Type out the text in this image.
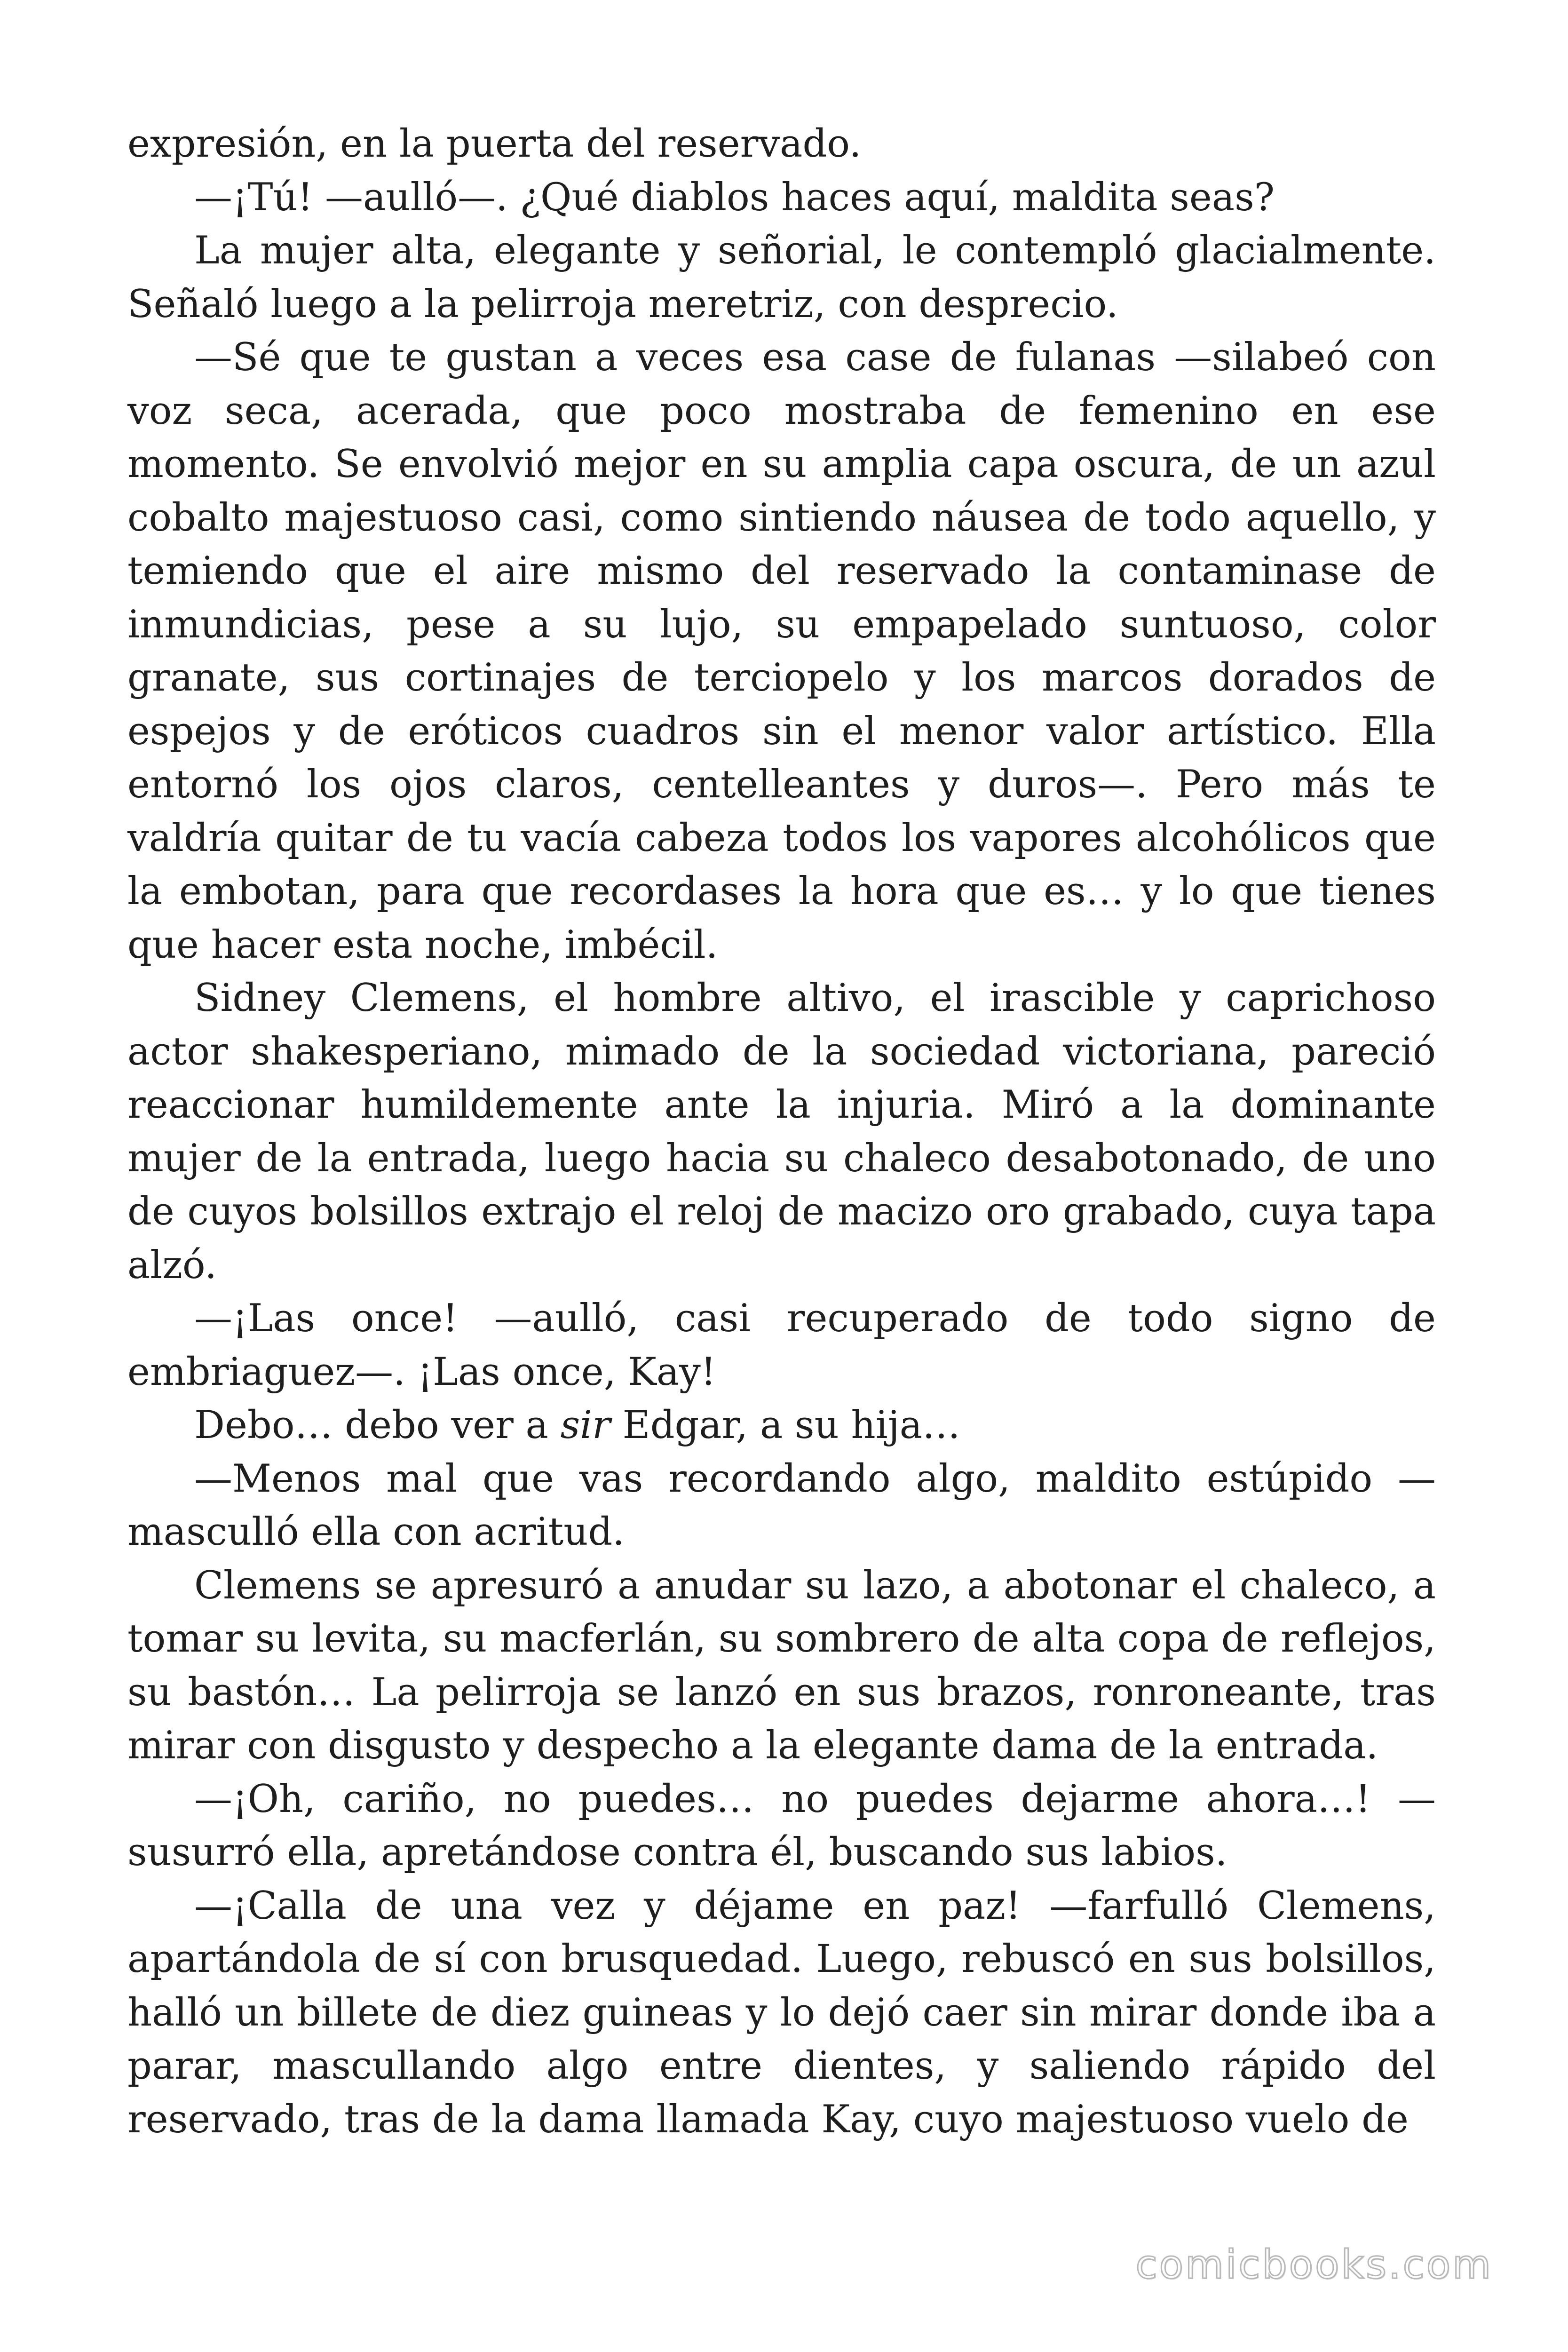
expresión, en la puerta del reservado.

—¡Tú! —aulló—. ¿Qué diablos haces aquí, maldita seas?

La mujer alta, elegante y señorial, le contempló glacialmente. Señaló luego a la pelirroja meretriz, con desprecio.

—Sé que te gustan a veces esa case de fulanas —silabeó con voz seca, acerada, que poco mostraba de femenino en ese momento. Se envolvió mejor en su amplia capa oscura, de un azul cobalto majestuoso casi, como sintiendo náusea de todo aquello, y temiendo que el aire mismo del reservado la contaminase de inmundicias, pese a su lujo, su empapelado suntuoso, color granate, sus cortinajes de terciopelo y los marcos dorados de espejos y de eróticos cuadros sin el menor valor artístico. Ella entornó los ojos claros, centelleantes y duros—. Pero más te valdría quitar de tu vacía cabeza todos los vapores alcohólicos que la embotan, para que recordases la hora que es… y lo que tienes que hacer esta noche, imbécil.

Sidney Clemens, el hombre altivo, el irascible y caprichoso actor shakesperiano, mimado de la sociedad victoriana, pareció reaccionar humildemente ante la injuria. Miró a la dominante mujer de la entrada, luego hacia su chaleco desabotonado, de uno de cuyos bolsillos extrajo el reloj de macizo oro grabado, cuya tapa alzó.

—¡Las once! —aulló, casi recuperado de todo signo de embriaguez—. ¡Las once, Kay!

Debo… debo ver a sir Edgar, a su hija…

—Menos mal que vas recordando algo, maldito estúpido —masculló ella con acritud.

Clemens se apresuró a anudar su lazo, a abotonar el chaleco, a tomar su levita, su macferlán, su sombrero de alta copa de reflejos, su bastón… La pelirroja se lanzó en sus brazos, ronroneante, tras mirar con disgusto y despecho a la elegante dama de la entrada.

—¡Oh, cariño, no puedes… no puedes dejarme ahora…! —susurró ella, apretándose contra él, buscando sus labios.

—¡Calla de una vez y déjame en paz! —farfulló Clemens, apartándola de sí con brusquedad. Luego, rebuscó en sus bolsillos, halló un billete de diez guineas y lo dejó caer sin mirar donde iba a parar, mascullando algo entre dientes, y saliendo rápido del reservado, tras de la dama llamada Kay, cuyo majestuoso vuelo de

comicbooks.com
